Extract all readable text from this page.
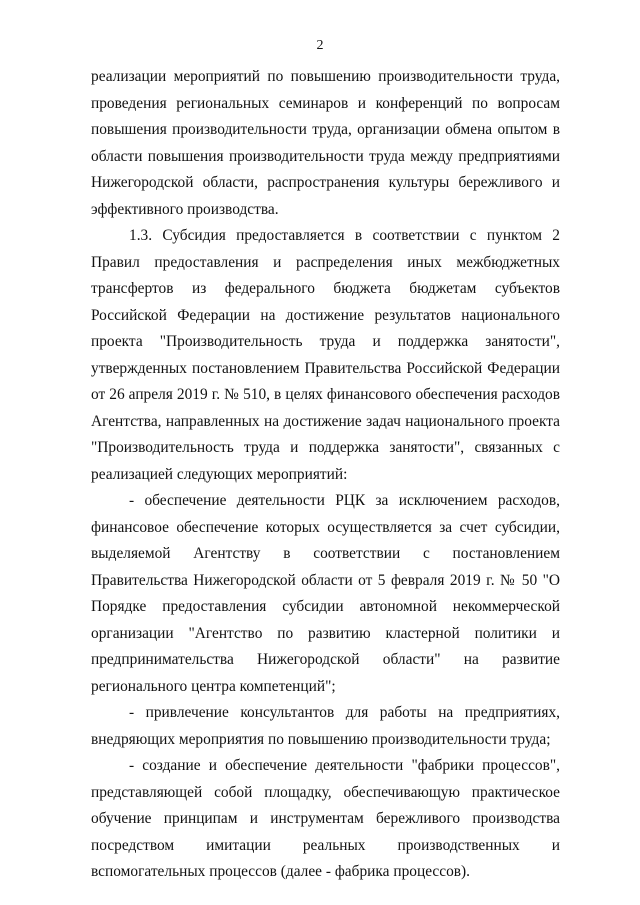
2

реализации мероприятий по повышению производительности труда, проведения региональных семинаров и конференций по вопросам повышения производительности труда, организации обмена опытом в области повышения производительности труда между предприятиями Нижегородской области, распространения культуры бережливого и эффективного производства.

1.3. Субсидия предоставляется в соответствии с пунктом 2 Правил предоставления и распределения иных межбюджетных трансфертов из федерального бюджета бюджетам субъектов Российской Федерации на достижение результатов национального проекта "Производительность труда и поддержка занятости", утвержденных постановлением Правительства Российской Федерации от 26 апреля 2019 г. № 510, в целях финансового обеспечения расходов Агентства, направленных на достижение задач национального проекта "Производительность труда и поддержка занятости", связанных с реализацией следующих мероприятий:

- обеспечение деятельности РЦК за исключением расходов, финансовое обеспечение которых осуществляется за счет субсидии, выделяемой Агентству в соответствии с постановлением Правительства Нижегородской области от 5 февраля 2019 г. № 50 "О Порядке предоставления субсидии автономной некоммерческой организации "Агентство по развитию кластерной политики и предпринимательства Нижегородской области" на развитие регионального центра компетенций";

- привлечение консультантов для работы на предприятиях, внедряющих мероприятия по повышению производительности труда;

- создание и обеспечение деятельности "фабрики процессов", представляющей собой площадку, обеспечивающую практическое обучение принципам и инструментам бережливого производства посредством имитации реальных производственных и вспомогательных процессов (далее - фабрика процессов).
